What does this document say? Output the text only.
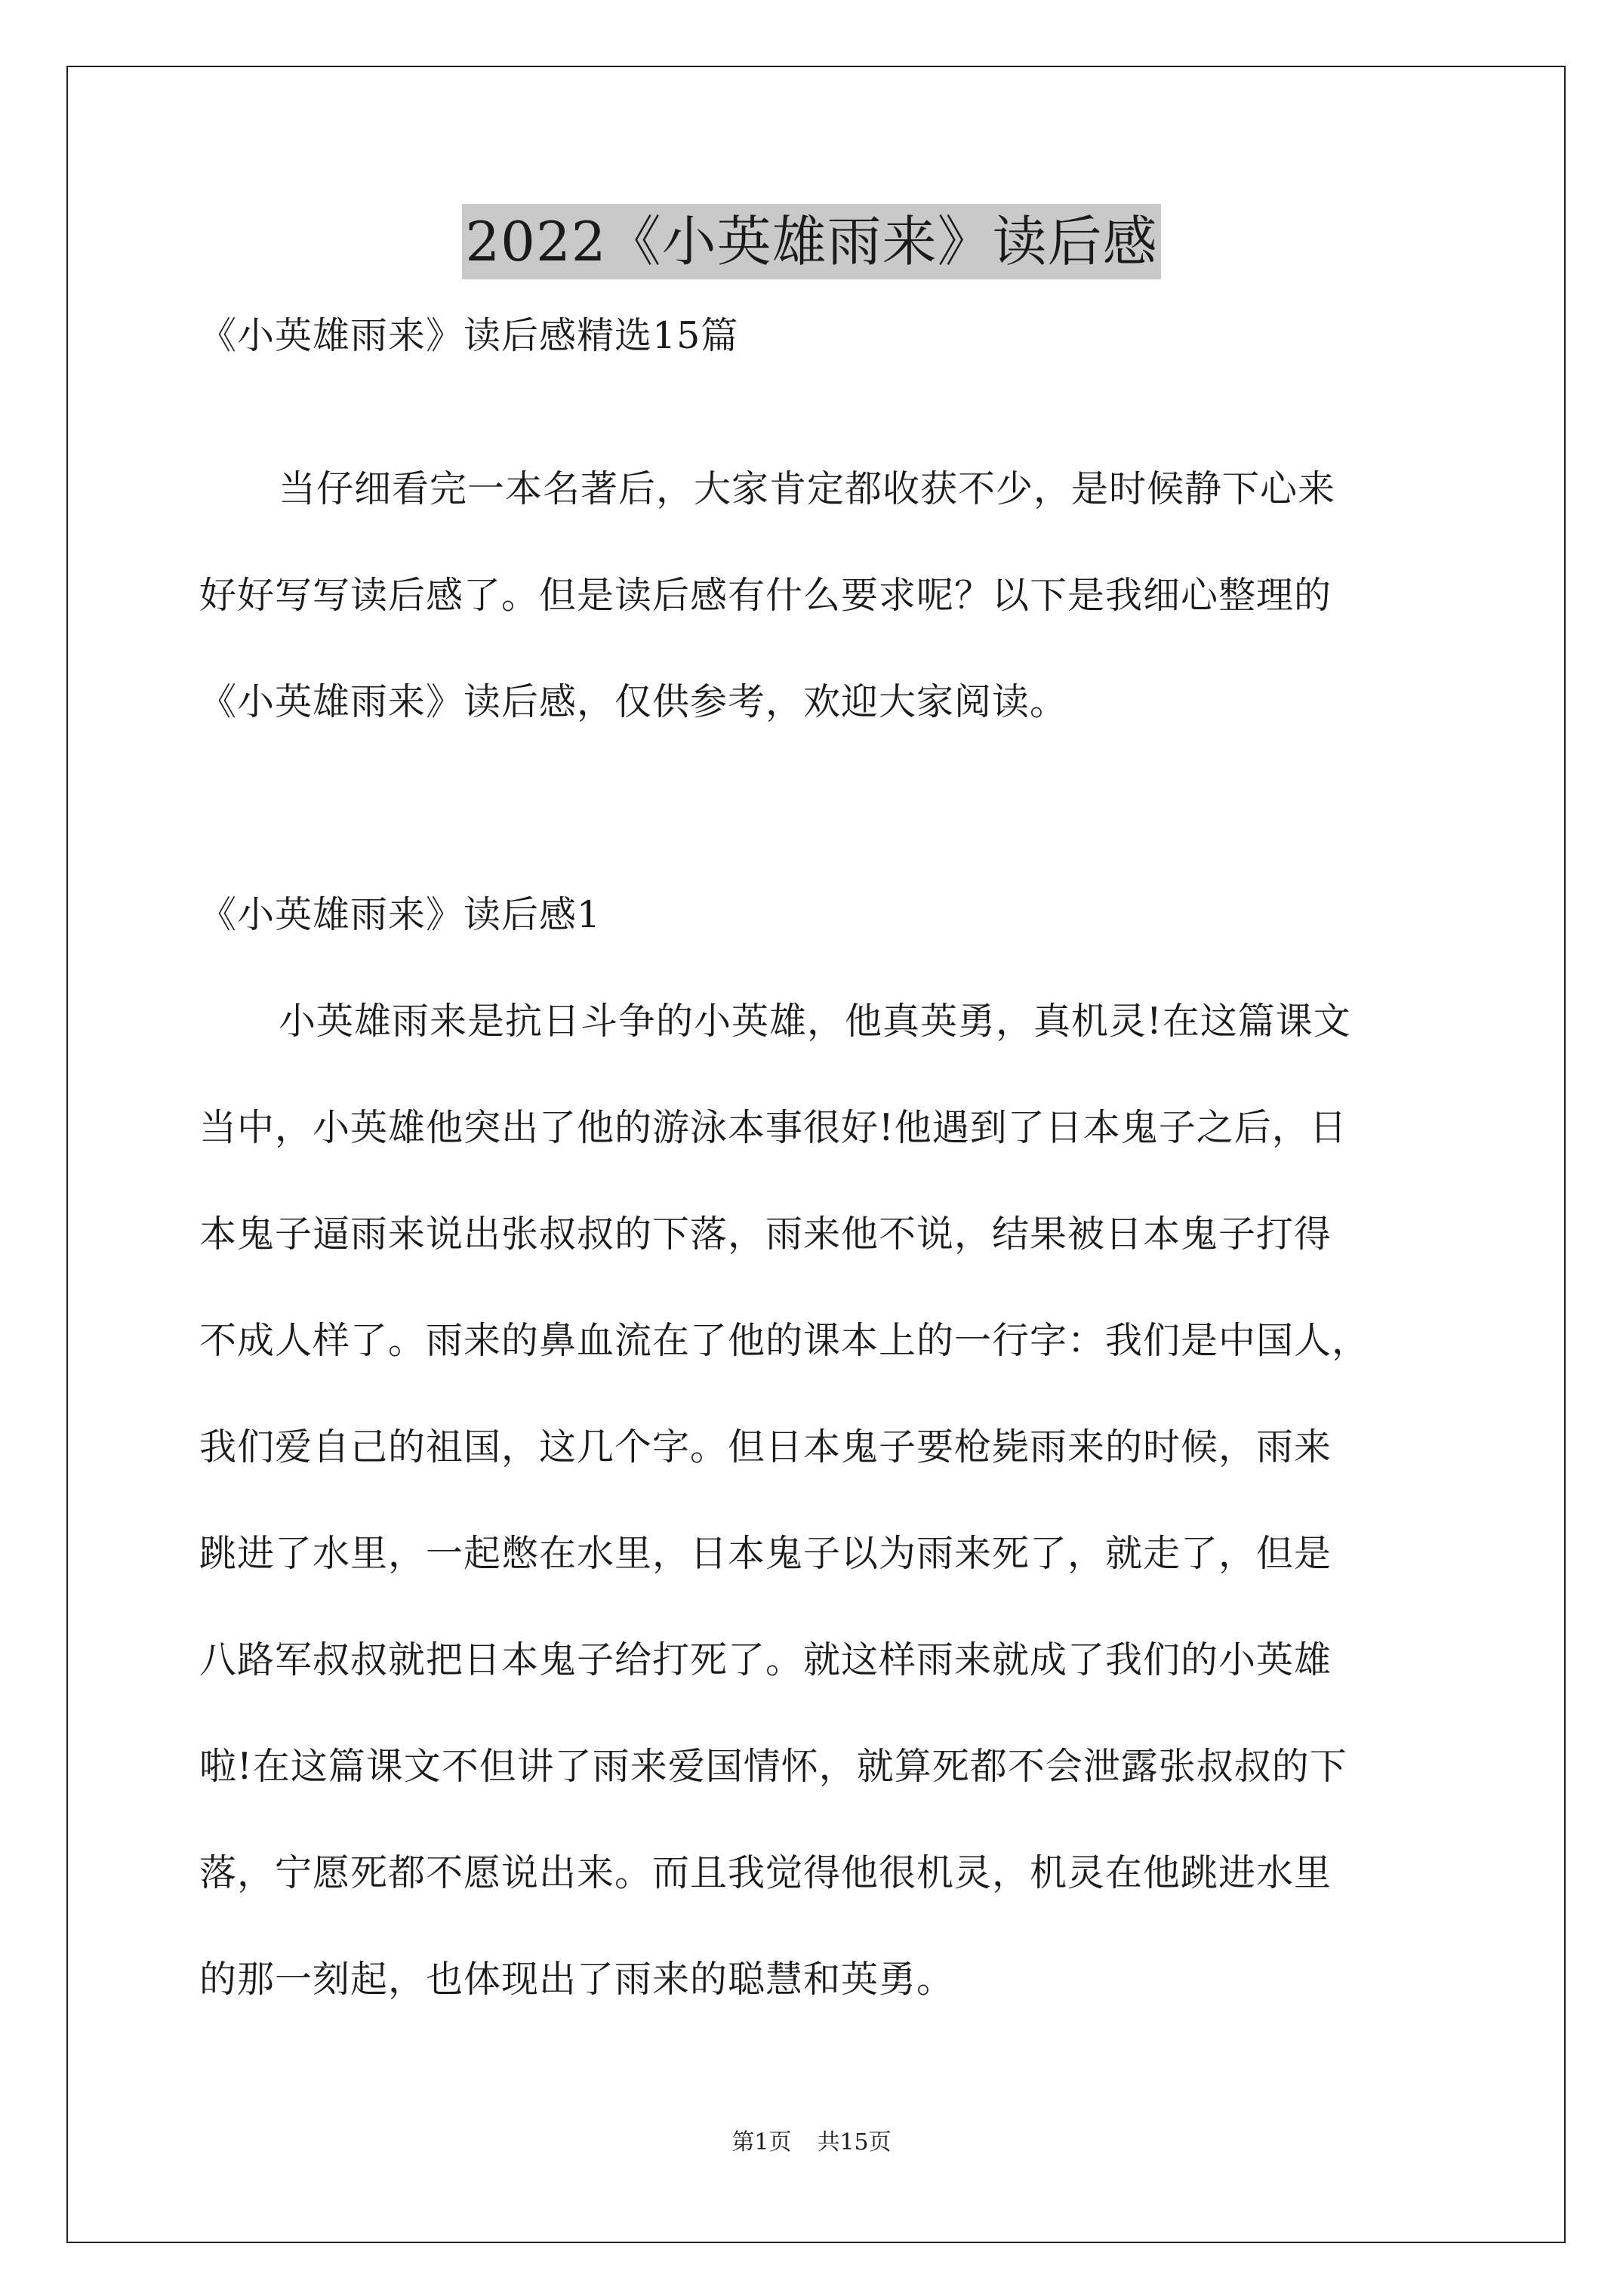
2022《小英雄雨来》读后感
《小英雄雨来》读后感精选15篇
当仔细看完一本名著后，大家肯定都收获不少，是时候静下心来
好好写写读后感了。但是读后感有什么要求呢？以下是我细心整理的
《小英雄雨来》读后感，仅供参考，欢迎大家阅读。
《小英雄雨来》读后感1
小英雄雨来是抗日斗争的小英雄，他真英勇，真机灵!在这篇课文
当中，小英雄他突出了他的游泳本事很好!他遇到了日本鬼子之后，日
本鬼子逼雨来说出张叔叔的下落，雨来他不说，结果被日本鬼子打得
不成人样了。雨来的鼻血流在了他的课本上的一行字：我们是中国人，
我们爱自己的祖国，这几个字。但日本鬼子要枪毙雨来的时候，雨来
跳进了水里，一起憋在水里，日本鬼子以为雨来死了，就走了，但是
八路军叔叔就把日本鬼子给打死了。就这样雨来就成了我们的小英雄
啦!在这篇课文不但讲了雨来爱国情怀，就算死都不会泄露张叔叔的下
落，宁愿死都不愿说出来。而且我觉得他很机灵，机灵在他跳进水里
的那一刻起，也体现出了雨来的聪慧和英勇。
第1页 共15页
